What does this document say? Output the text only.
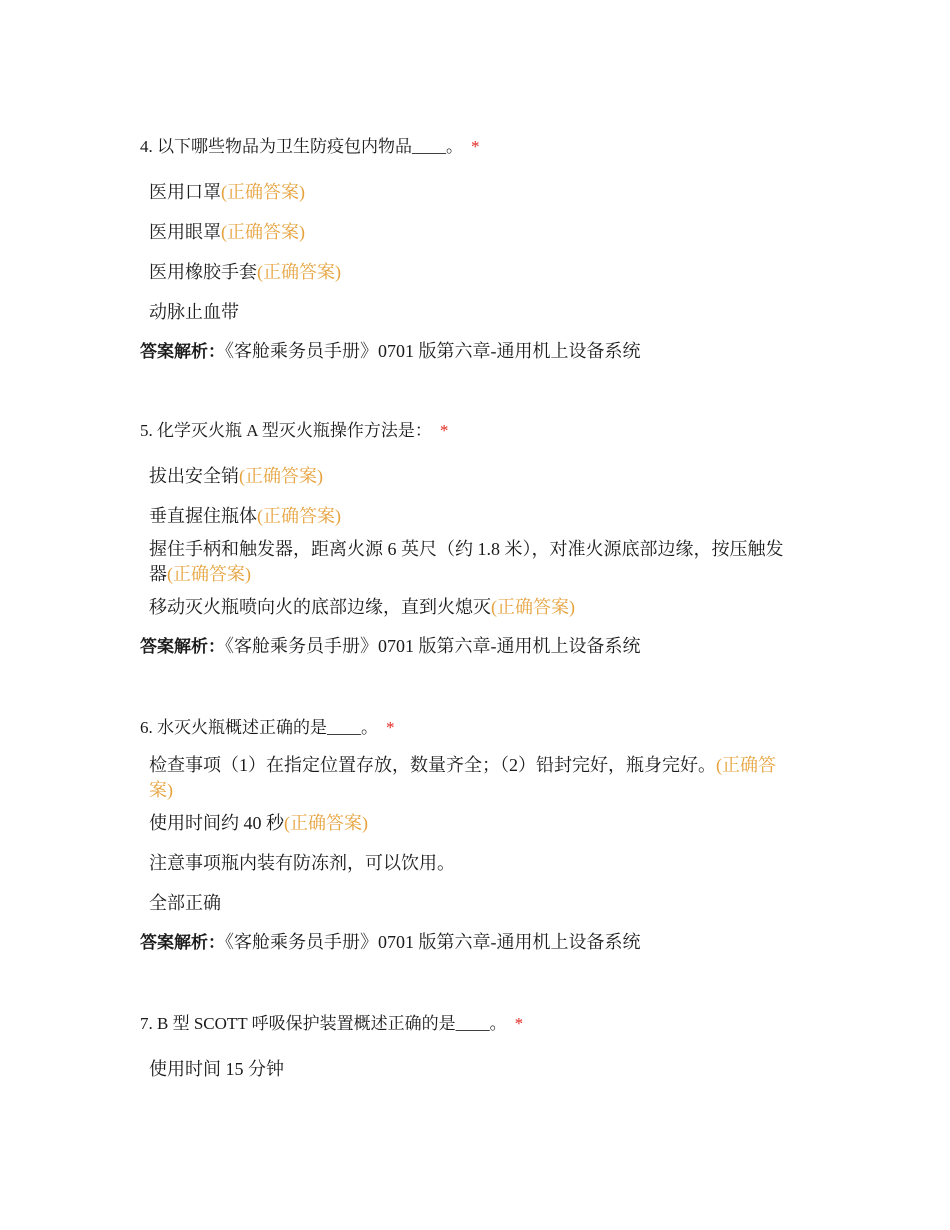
4. 以下哪些物品为卫生防疫包内物品____。 *
医用口罩(正确答案)
医用眼罩(正确答案)
医用橡胶手套(正确答案)
动脉止血带
答案解析：《客舱乘务员手册》0701 版第六章-通用机上设备系统
5. 化学灭火瓶 A 型灭火瓶操作方法是： *
拔出安全销(正确答案)
垂直握住瓶体(正确答案)
握住手柄和触发器，距离火源 6 英尺（约 1.8 米），对准火源底部边缘，按压触发器(正确答案)
移动灭火瓶喷向火的底部边缘，直到火熄灭(正确答案)
答案解析：《客舱乘务员手册》0701 版第六章-通用机上设备系统
6. 水灭火瓶概述正确的是____。 *
检查事项（1）在指定位置存放，数量齐全；（2）铅封完好，瓶身完好。(正确答案)
使用时间约 40 秒(正确答案)
注意事项瓶内装有防冻剂，可以饮用。
全部正确
答案解析：《客舱乘务员手册》0701 版第六章-通用机上设备系统
7. B 型 SCOTT 呼吸保护装置概述正确的是____。 *
使用时间 15 分钟
